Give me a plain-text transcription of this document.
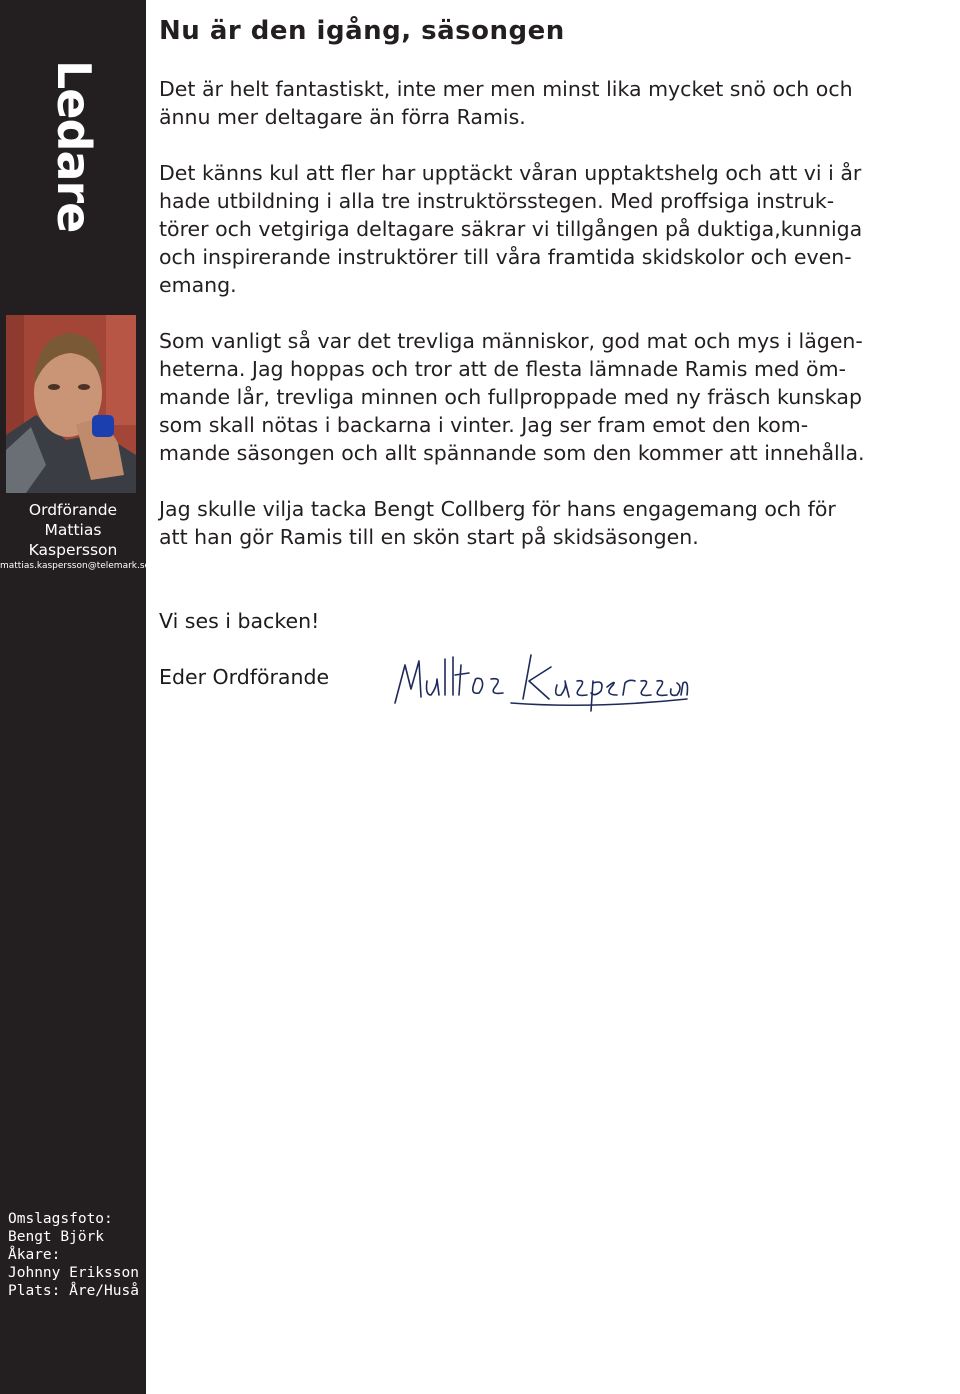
Ledare
Ordförande
Mattias
Kaspersson
mattias.kaspersson@telemark.se
Omslagsfoto:
Bengt Björk
Åkare:
Johnny Eriksson
Plats: Åre/Huså
Nu är den igång, säsongen

Det är helt fantastiskt, inte mer men minst lika mycket snö och och
ännu mer deltagare än förra Ramis.

Det känns kul att fler har upptäckt våran upptaktshelg och att vi i år
hade utbildning i alla tre instruktörsstegen. Med proffsiga instruk-
törer och vetgiriga deltagare säkrar vi tillgången på duktiga,kunniga
och inspirerande instruktörer till våra framtida skidskolor och even-
emang.

Som vanligt så var det trevliga människor, god mat och mys i lägen-
heterna. Jag hoppas och tror att de flesta lämnade Ramis med öm-
mande lår, trevliga minnen och fullproppade med ny fräsch kunskap
som skall nötas i backarna i vinter. Jag ser fram emot den kom-
mande säsongen och allt spännande som den kommer att innehålla.

Jag skulle vilja tacka Bengt Collberg för hans engagemang och för
att han gör Ramis till en skön start på skidsäsongen.

Vi ses i backen!
Eder Ordförande
